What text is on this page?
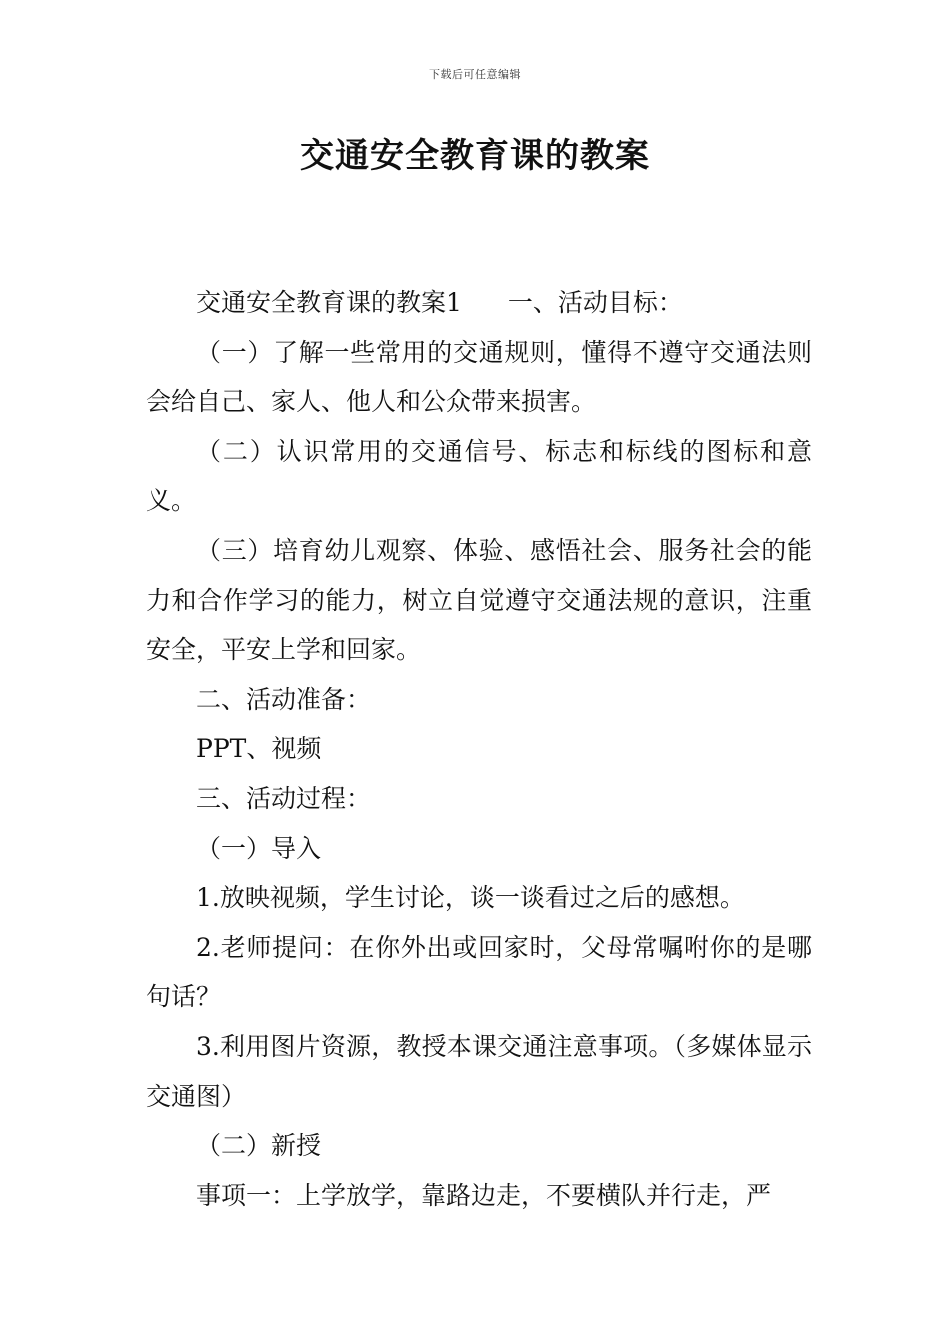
下载后可任意编辑
交通安全教育课的教案

交通安全教育课的教案1 一、活动目标：

（一）了解一些常用的交通规则，懂得不遵守交通法则会给自己、家人、他人和公众带来损害。

（二）认识常用的交通信号、标志和标线的图标和意义。

（三）培育幼儿观察、体验、感悟社会、服务社会的能力和合作学习的能力，树立自觉遵守交通法规的意识，注重安全，平安上学和回家。

二、活动准备：

PPT、视频

三、活动过程：

（一）导入

1.放映视频，学生讨论，谈一谈看过之后的感想。

2.老师提问：在你外出或回家时，父母常嘱咐你的是哪句话？

3.利用图片资源，教授本课交通注意事项。（多媒体显示交通图）

（二）新授

事项一：上学放学，靠路边走，不要横队并行走，严
